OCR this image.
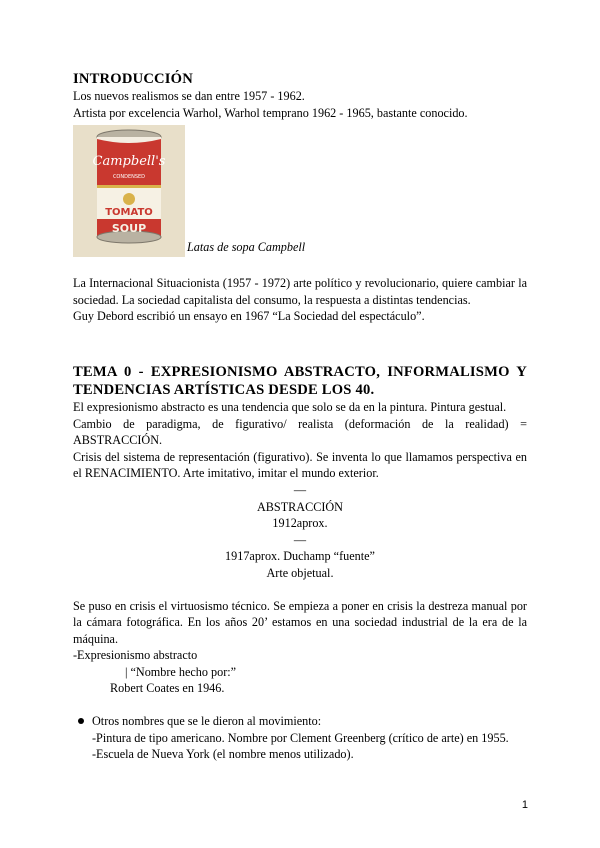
INTRODUCCIÓN

Los nuevos realismos se dan entre 1957 - 1962.

Artista por excelencia Warhol, Warhol temprano 1962 - 1965, bastante conocido.

Campbell's
CONDENSED
TOMATO
SOUP
Latas de sopa Campbell

La Internacional Situacionista (1957 - 1972) arte político y revolucionario, quiere cambiar la sociedad. La sociedad capitalista del consumo, la respuesta a distintas tendencias.

Guy Debord escribió un ensayo en 1967 “La Sociedad del espectáculo”.

TEMA 0 - EXPRESIONISMO ABSTRACTO, INFORMALISMO Y TENDENCIAS ARTÍSTICAS DESDE LOS 40.

El expresionismo abstracto es una tendencia que solo se da en la pintura. Pintura gestual.

Cambio de paradigma, de figurativo/ realista (deformación de la realidad) = ABSTRACCIÓN.

Crisis del sistema de representación (figurativo). Se inventa lo que llamamos perspectiva en el RENACIMIENTO. Arte imitativo, imitar el mundo exterior.

—

ABSTRACCIÓN

1912aprox.

—

1917aprox. Duchamp “fuente”

Arte objetual.

Se puso en crisis el virtuosismo técnico. Se empieza a poner en crisis la destreza manual por la cámara fotográfica. En los años 20’ estamos en una sociedad industrial de la era de la máquina.

-Expresionismo abstracto

| “Nombre hecho por:”

Robert Coates en 1946.

Otros nombres que se le dieron al movimiento:

-Pintura de tipo americano. Nombre por Clement Greenberg (crítico de arte) en 1955.

-Escuela de Nueva York (el nombre menos utilizado).

1
